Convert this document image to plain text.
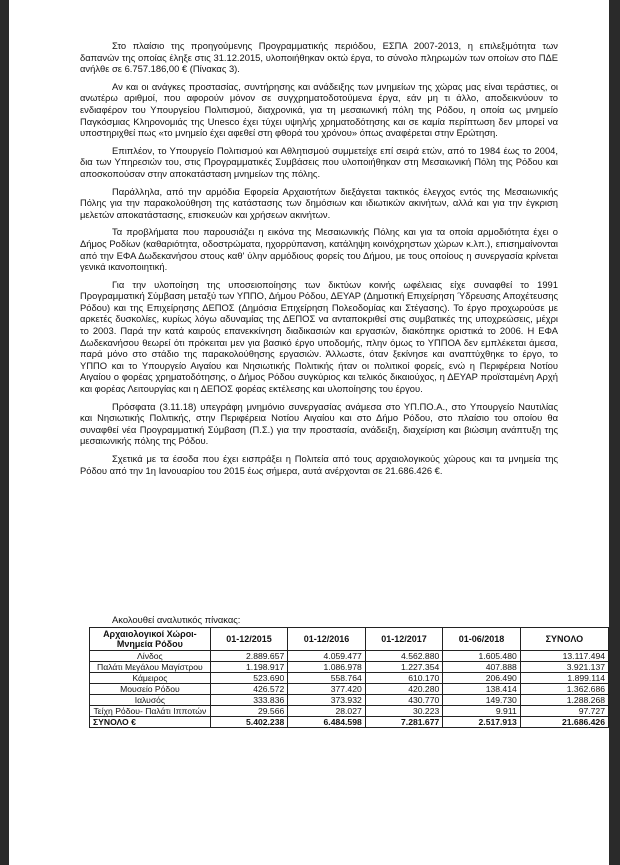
Στο πλαίσιο της προηγούμενης Προγραμματικής περιόδου, ΕΣΠΑ 2007-2013, η επιλεξιμότητα των δαπανών της οποίας έληξε στις 31.12.2015, υλοποιήθηκαν οκτώ έργα, το σύνολο πληρωμών των οποίων στο ΠΔΕ ανήλθε σε 6.757.186,00 € (Πίνακας 3).

Αν και οι ανάγκες προστασίας, συντήρησης και ανάδειξης των μνημείων της χώρας μας είναι τεράστιες, οι ανωτέρω αριθμοί, που αφορούν μόνον σε συγχρηματοδοτούμενα έργα, εάν μη τι άλλο, αποδεικνύουν το ενδιαφέρον του Υπουργείου Πολιτισμού, διαχρονικά, για τη μεσαιωνική πόλη της Ρόδου, η οποία ως μνημείο Παγκόσμιας Κληρονομιάς της Unesco έχει τύχει υψηλής χρηματοδότησης και σε καμία περίπτωση δεν μπορεί να υποστηριχθεί πως «το μνημείο έχει αφεθεί στη φθορά του χρόνου» όπως αναφέρεται στην Ερώτηση.

Επιπλέον, το Υπουργείο Πολιτισμού και Αθλητισμού συμμετείχε επί σειρά ετών, από το 1984 έως το 2004, δια των Υπηρεσιών του, στις Προγραμματικές Συμβάσεις που υλοποιήθηκαν στη Μεσαιωνική Πόλη της Ρόδου και αποσκοπούσαν στην αποκατάσταση μνημείων της πόλης.

Παράλληλα, από την αρμόδια Εφορεία Αρχαιοτήτων διεξάγεται τακτικός έλεγχος εντός της Μεσαιωνικής Πόλης για την παρακολούθηση της κατάστασης των δημόσιων και ιδιωτικών ακινήτων, αλλά και για την έγκριση μελετών αποκατάστασης, επισκευών και χρήσεων ακινήτων.

Τα προβλήματα που παρουσιάζει η εικόνα της Μεσαιωνικής Πόλης και για τα οποία αρμοδιότητα έχει ο Δήμος Ροδίων (καθαριότητα, οδοστρώματα, ηχορρύπανση, κατάληψη κοινόχρηστων χώρων κ.λπ.), επισημαίνονται από την ΕΦΑ Δωδεκανήσου στους καθ' ύλην αρμόδιους φορείς του Δήμου, με τους οποίους η συνεργασία κρίνεται γενικά ικανοποιητική.

Για την υλοποίηση της υποσειοποίησης των δικτύων κοινής ωφέλειας είχε συναφθεί το 1991 Προγραμματική Σύμβαση μεταξύ των ΥΠΠΟ, Δήμου Ρόδου, ΔΕΥΑΡ (Δημοτική Επιχείρηση Ύδρευσης Αποχέτευσης Ρόδου) και της Επιχείρησης ΔΕΠΟΣ (Δημόσια Επιχείρηση Πολεοδομίας και Στέγασης). Το έργο προχωρούσε με αρκετές δυσκολίες, κυρίως λόγω αδυναμίας της ΔΕΠΟΣ να ανταποκριθεί στις συμβατικές της υποχρεώσεις, μέχρι το 2003. Παρά την κατά καιρούς επανεκκίνηση διαδικασιών και εργασιών, διακόπηκε οριστικά το 2006. Η ΕΦΑ Δωδεκανήσου θεωρεί ότι πρόκειται μεν για βασικό έργο υποδομής, πλην όμως το ΥΠΠΟΑ δεν εμπλέκεται άμεσα, παρά μόνο στο στάδιο της παρακολούθησης εργασιών. Άλλωστε, όταν ξεκίνησε και αναπτύχθηκε το έργο, το ΥΠΠΟ και το Υπουργείο Αιγαίου και Νησιωτικής Πολιτικής ήταν οι πολιτικοί φορείς, ενώ η Περιφέρεια Νοτίου Αιγαίου ο φορέας χρηματοδότησης, ο Δήμος Ρόδου συγκύριος και τελικός δικαιούχος, η ΔΕΥΑΡ προϊσταμένη Αρχή και φορέας Λειτουργίας και η ΔΕΠΟΣ φορέας εκτέλεσης και υλοποίησης του έργου.

Πρόσφατα (3.11.18) υπεγράφη μνημόνιο συνεργασίας ανάμεσα στο ΥΠ.ΠΟ.Α., στο Υπουργείο Ναυτιλίας και Νησιωτικής Πολιτικής, στην Περιφέρεια Νοτίου Αιγαίου και στο Δήμο Ρόδου, στο πλαίσιο του οποίου θα συναφθεί νέα Προγραμματική Σύμβαση (Π.Σ.) για την προστασία, ανάδειξη, διαχείριση και βιώσιμη ανάπτυξη της μεσαιωνικής πόλης της Ρόδου.

Σχετικά με τα έσοδα που έχει εισπράξει η Πολιτεία από τους αρχαιολογικούς χώρους και τα μνημεία της Ρόδου από την 1η Ιανουαρίου του 2015 έως σήμερα, αυτά ανέρχονται σε 21.686.426 €.

Ακολουθεί αναλυτικός πίνακας:
Αρχαιολογικοί Χώροι- Μνημεία Ρόδου	01-12/2015	01-12/2016	01-12/2017	01-06/2018	ΣΥΝΟΛΟ
Λίνδος	2.889.657	4.059.477	4.562.880	1.605.480	13.117.494
Παλάτι Μεγάλου Μαγίστρου	1.198.917	1.086.978	1.227.354	407.888	3.921.137
Κάμειρος	523.690	558.764	610.170	206.490	1.899.114
Μουσείο Ρόδου	426.572	377.420	420.280	138.414	1.362.686
Ιαλυσός	333.836	373.932	430.770	149.730	1.288.268
Τείχη Ρόδου- Παλάτι Ιπποτών	29.566	28.027	30.223	9.911	97.727
ΣΥΝΟΛΟ €	5.402.238	6.484.598	7.281.677	2.517.913	21.686.426
